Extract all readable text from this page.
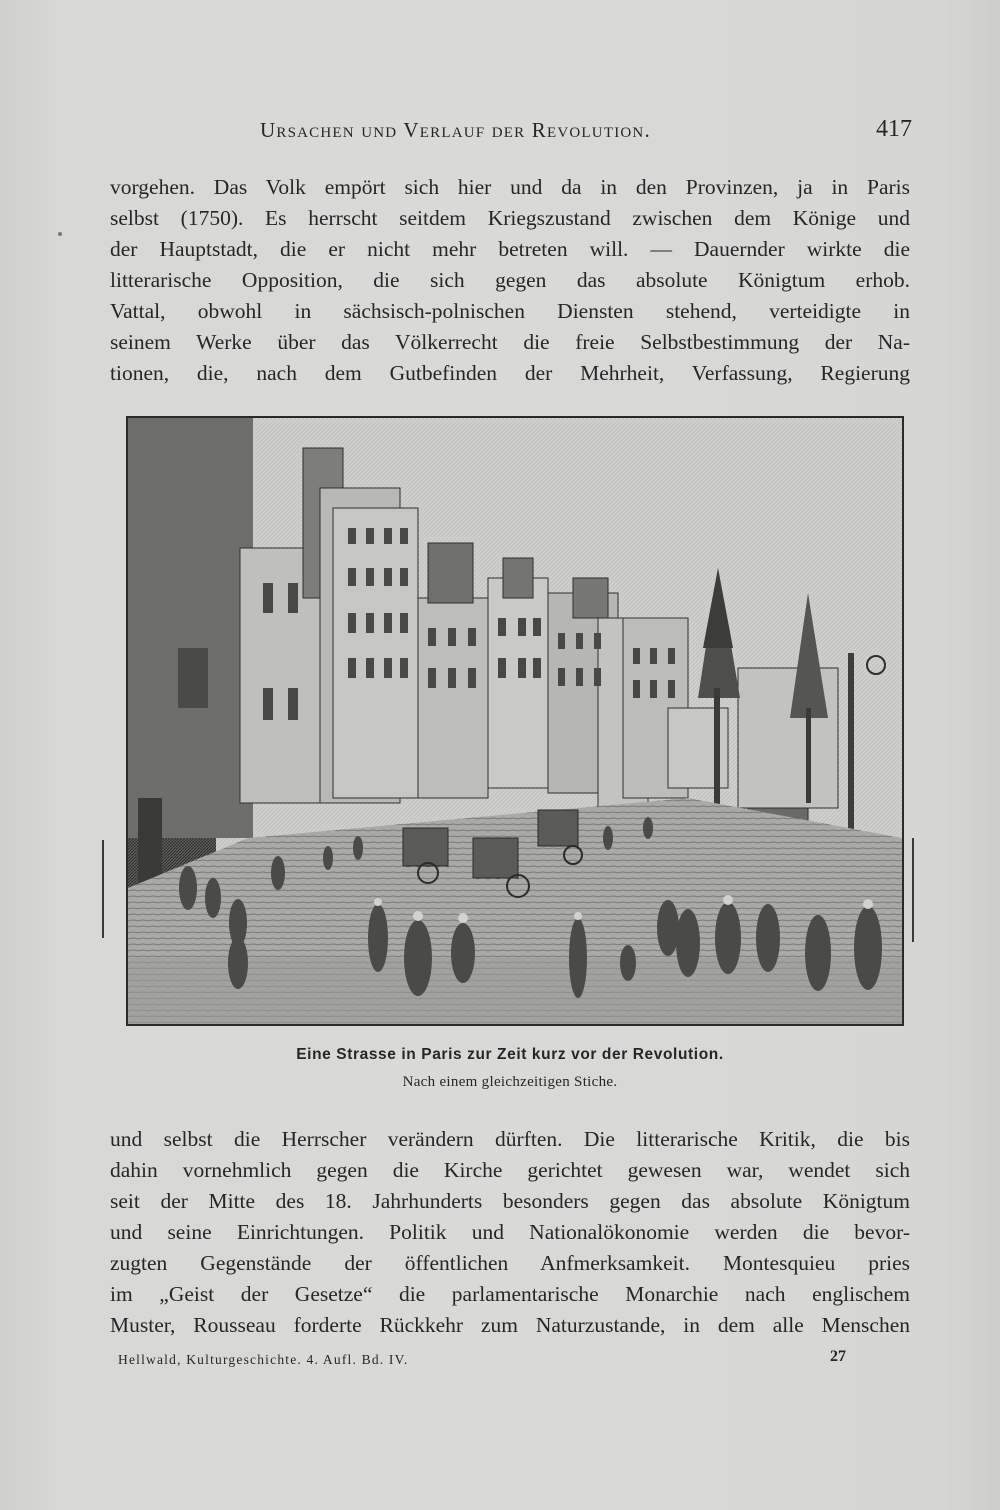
Ursachen und Verlauf der Revolution.	417
vorgehen. Das Volk empört sich hier und da in den Provinzen, ja in Paris
selbst (1750). Es herrscht seitdem Kriegszustand zwischen dem Könige und
der Hauptstadt, die er nicht mehr betreten will. — Dauernder wirkte die
litterarische Opposition, die sich gegen das absolute Königtum erhob.
Vattal, obwohl in sächsisch-polnischen Diensten stehend, verteidigte in
seinem Werke über das Völkerrecht die freie Selbstbestimmung der Na-
tionen, die, nach dem Gutbefinden der Mehrheit, Verfassung, Regierung
Eine Strasse in Paris zur Zeit kurz vor der Revolution.
Nach einem gleichzeitigen Stiche.
und selbst die Herrscher verändern dürften. Die litterarische Kritik, die bis
dahin vornehmlich gegen die Kirche gerichtet gewesen war, wendet sich
seit der Mitte des 18. Jahrhunderts besonders gegen das absolute Königtum
und seine Einrichtungen. Politik und Nationalökonomie werden die bevor-
zugten Gegenstände der öffentlichen Anfmerksamkeit. Montesquieu pries
im „Geist der Gesetze“ die parlamentarische Monarchie nach englischem
Muster, Rousseau forderte Rückkehr zum Naturzustande, in dem alle Menschen
Hellwald, Kulturgeschichte. 4. Aufl. Bd. IV.	27
